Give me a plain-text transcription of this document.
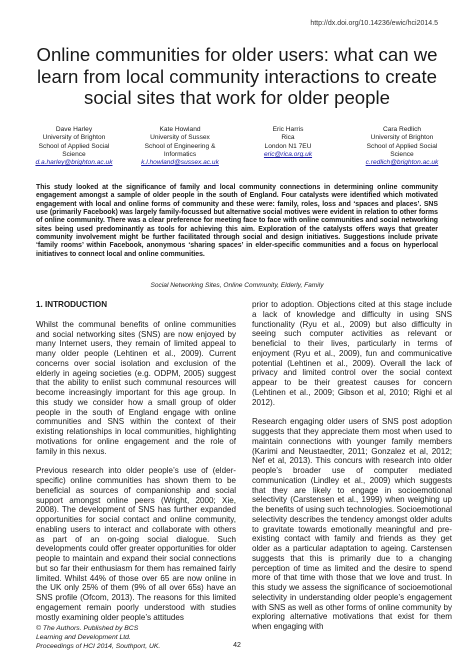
http://dx.doi.org/10.14236/ewic/hci2014.5
Online communities for older users: what can we learn from local community interactions to create social sites that work for older people
Dave Harley
University of Brighton
School of Applied Social
Science
d.a.harley@brighton.ac.uk
Kate Howland
University of Sussex
School of Engineering &
Informatics
k.l.howland@sussex.ac.uk
Eric Harris
Rica
London N1 7EU
eric@rica.org.uk
Cara Redlich
University of Brighton
School of Applied Social
Science
c.redlich@brighton.ac.uk
This study looked at the significance of family and local community connections in determining online community engagement amongst a sample of older people in the south of England. Four catalysts were identified which motivated engagement with local and online forms of community and these were: family, roles, loss and ‘spaces and places’. SNS use (primarily Facebook) was largely family-focussed but alternative social motives were evident in relation to other forms of online community. There was a clear preference for meeting face to face with online communities and social networking sites being used predominantly as tools for achieving this aim. Exploration of the catalysts offers ways that greater community involvement might be further facilitated through social and design initiatives. Suggestions include private ‘family rooms’ within Facebook, anonymous ‘sharing spaces’ in elder-specific communities and a focus on hyperlocal initiatives to connect local and online communities.
Social Networking Sites, Online Community, Elderly, Family
1. INTRODUCTION

Whilst the communal benefits of online communities and social networking sites (SNS) are now enjoyed by many Internet users, they remain of limited appeal to many older people (Lehtinen et al., 2009). Current concerns over social isolation and exclusion of the elderly in ageing societies (e.g. ODPM, 2005) suggest that the ability to enlist such communal resources will become increasingly important for this age group. In this study we consider how a small group of older people in the south of England engage with online communities and SNS within the context of their existing relationships in local communities, highlighting motivations for online engagement and the role of family in this nexus.

Previous research into older people’s use of (elder-specific) online communities has shown them to be beneficial as sources of companionship and social support amongst online peers (Wright, 2000; Xie, 2008). The development of SNS has further expanded opportunities for social contact and online community, enabling users to interact and collaborate with others as part of an on-going social dialogue. Such developments could offer greater opportunities for older people to maintain and expand their social connections but so far their enthusiasm for them has remained fairly limited. Whilst 44% of those over 65 are now online in the UK only 25% of them (9% of all over 65s) have an SNS profile (Ofcom, 2013). The reasons for this limited engagement remain poorly understood with studies mostly examining older people’s attitudes

prior to adoption. Objections cited at this stage include a lack of knowledge and difficulty in using SNS functionality (Ryu et al., 2009) but also difficulty in seeing such computer activities as relevant or beneficial to their lives, particularly in terms of enjoyment (Ryu et al., 2009), fun and communicative potential (Lehtinen et al., 2009). Overall the lack of privacy and limited control over the social context appear to be their greatest causes for concern (Lehtinen et al., 2009; Gibson et al, 2010; Righi et al 2012).

Research engaging older users of SNS post adoption suggests that they appreciate them most when used to maintain connections with younger family members (Karimi and Neustaedter, 2011; Gonzalez et al, 2012; Nef et al, 2013). This concurs with research into older people’s broader use of computer mediated communication (Lindley et al., 2009) which suggests that they are likely to engage in socioemotional selectivity (Carstensen et al., 1999) when weighing up the benefits of using such technologies. Socioemotional selectivity describes the tendency amongst older adults to gravitate towards emotionally meaningful and pre-existing contact with family and friends as they get older as a particular adaptation to ageing. Carstensen suggests that this is primarily due to a changing perception of time as limited and the desire to spend more of that time with those that we love and trust. In this study we assess the significance of socioemotional selectivity in understanding older people’s engagement with SNS as well as other forms of online community by exploring alternative motivations that exist for them when engaging with

© The Authors. Published by BCS
Learning and Development Ltd.
Proceedings of HCI 2014, Southport, UK.	42
